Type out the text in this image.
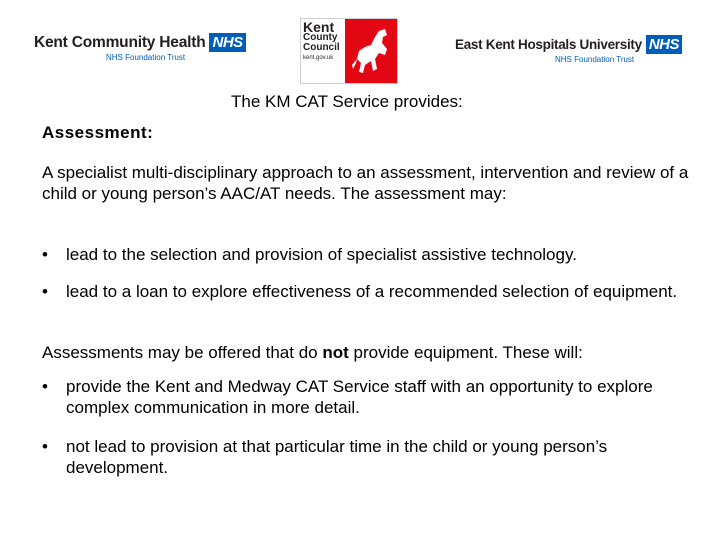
Kent Community Health NHS
NHS Foundation Trust
Kent
County
Council
kent.gov.uk
East Kent Hospitals University NHS
NHS Foundation Trust
The KM CAT Service provides:
Assessment:
A specialist multi-disciplinary approach to an assessment, intervention and review of a child or young person’s AAC/AT needs. The assessment may:
•	lead to the selection and provision of specialist assistive technology.
•	lead to a loan to explore effectiveness of a recommended selection of equipment.
Assessments may be offered that do not provide equipment. These will:
•	provide the Kent and Medway CAT Service staff with an opportunity to explore complex communication in more detail.
•	not lead to provision at that particular time in the child or young person’s development.
